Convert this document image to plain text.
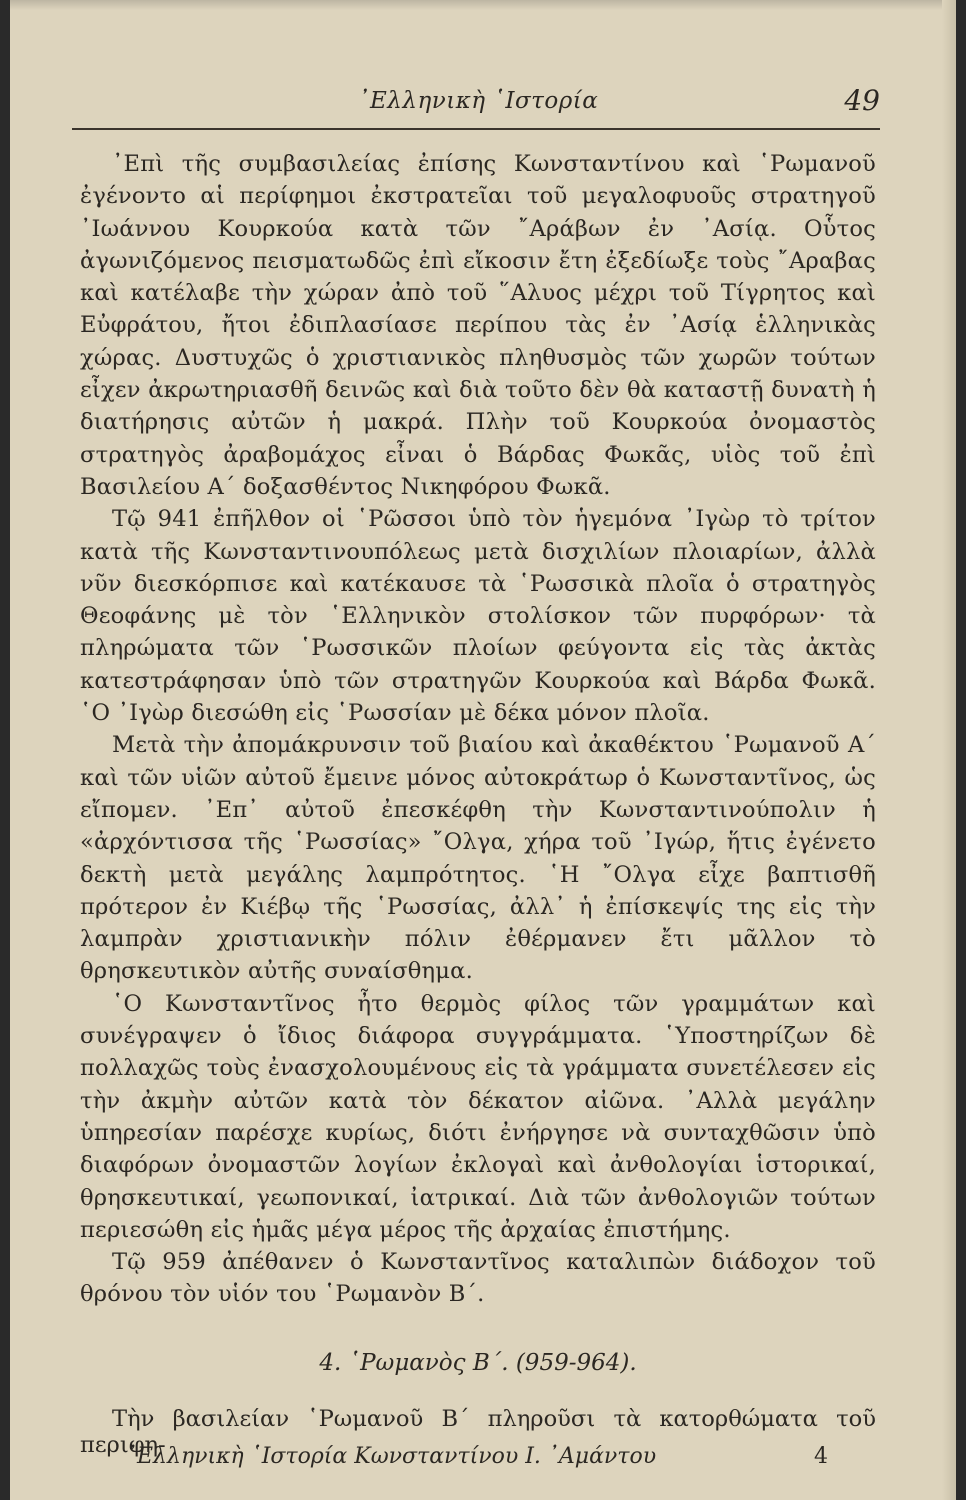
᾿Ελληνικὴ ῾Ιστορία	49

᾿Επὶ τῆς συμβασιλείας ἐπίσης Κωνσταντίνου καὶ ῾Ρωμανοῦ ἐγένοντο αἱ περίφημοι ἐκστρατεῖαι τοῦ μεγαλοφυοῦς στρατηγοῦ ᾿Ιωάννου Κουρκούα κατὰ τῶν ῎Αράβων ἐν ᾿Ασίᾳ. Οὗτος ἀγωνιζόμενος πεισματωδῶς ἐπὶ εἴκοσιν ἔτη ἐξεδίωξε τοὺς ῎Αραβας καὶ κατέλαβε τὴν χώραν ἀπὸ τοῦ ῞Αλυος μέχρι τοῦ Τίγρητος καὶ Εὐφράτου, ἤτοι ἐδιπλασίασε περίπου τὰς ἐν ᾿Ασίᾳ ἑλληνικὰς χώρας. Δυστυχῶς ὁ χριστιανικὸς πληθυσμὸς τῶν χωρῶν τούτων εἶχεν ἀκρωτηριασθῆ δεινῶς καὶ διὰ τοῦτο δὲν θὰ καταστῇ δυνατὴ ἡ διατήρησις αὐτῶν ἡ μακρά. Πλὴν τοῦ Κουρκούα ὀνομαστὸς στρατηγὸς ἀραβομάχος εἶναι ὁ Βάρδας Φωκᾶς, υἱὸς τοῦ ἐπὶ Βασιλείου Α΄ δοξασθέντος Νικηφόρου Φωκᾶ.

Τῷ 941 ἐπῆλθον οἱ ῾Ρῶσσοι ὑπὸ τὸν ἡγεμόνα ᾿Ιγὼρ τὸ τρίτον κατὰ τῆς Κωνσταντινουπόλεως μετὰ δισχιλίων πλοιαρίων, ἀλλὰ νῦν διεσκόρπισε καὶ κατέκαυσε τὰ ῾Ρωσσικὰ πλοῖα ὁ στρατηγὸς Θεοφάνης μὲ τὸν ῾Ελληνικὸν στολίσκον τῶν πυρφόρων· τὰ πληρώματα τῶν ῾Ρωσσικῶν πλοίων φεύγοντα εἰς τὰς ἀκτὰς κατεστράφησαν ὑπὸ τῶν στρατηγῶν Κουρκούα καὶ Βάρδα Φωκᾶ. ῾Ο ᾿Ιγὼρ διεσώθη εἰς ῾Ρωσσίαν μὲ δέκα μόνον πλοῖα.

Μετὰ τὴν ἀπομάκρυνσιν τοῦ βιαίου καὶ ἀκαθέκτου ῾Ρωμανοῦ Α΄ καὶ τῶν υἱῶν αὐτοῦ ἔμεινε μόνος αὐτοκράτωρ ὁ Κωνσταντῖνος, ὡς εἴπομεν. ᾿Επ᾿ αὐτοῦ ἐπεσκέφθη τὴν Κωνσταντινούπολιν ἡ «ἀρχόντισσα τῆς ῾Ρωσσίας» ῎Ολγα, χήρα τοῦ ᾿Ιγώρ, ἥτις ἐγένετο δεκτὴ μετὰ μεγάλης λαμπρότητος. ῾Η ῎Ολγα εἶχε βαπτισθῆ πρότερον ἐν Κιέβῳ τῆς ῾Ρωσσίας, ἀλλ᾿ ἡ ἐπίσκεψίς της εἰς τὴν λαμπρὰν χριστιανικὴν πόλιν ἐθέρμανεν ἔτι μᾶλλον τὸ θρησκευτικὸν αὐτῆς συναίσθημα.

῾Ο Κωνσταντῖνος ἦτο θερμὸς φίλος τῶν γραμμάτων καὶ συνέγραψεν ὁ ἴδιος διάφορα συγγράμματα. ῾Υποστηρίζων δὲ πολλαχῶς τοὺς ἐνασχολουμένους εἰς τὰ γράμματα συνετέλεσεν εἰς τὴν ἀκμὴν αὐτῶν κατὰ τὸν δέκατον αἰῶνα. ᾿Αλλὰ μεγάλην ὑπηρεσίαν παρέσχε κυρίως, διότι ἐνήργησε νὰ συνταχθῶσιν ὑπὸ διαφόρων ὀνομαστῶν λογίων ἐκλογαὶ καὶ ἀνθολογίαι ἱστορικαί, θρησκευτικαί, γεωπονικαί, ἰατρικαί. Διὰ τῶν ἀνθολογιῶν τούτων περιεσώθη εἰς ἡμᾶς μέγα μέρος τῆς ἀρχαίας ἐπιστήμης.

Τῷ 959 ἀπέθανεν ὁ Κωνσταντῖνος καταλιπὼν διάδοχον τοῦ θρόνου τὸν υἱόν του ῾Ρωμανὸν Β΄.

4. ῾Ρωμανὸς Β΄. (959-964).
Τὴν βασιλείαν ῾Ρωμανοῦ Β΄ πληροῦσι τὰ κατορθώματα τοῦ περιφη-
᾿Ελληνικὴ ῾Ιστορία Κωνσταντίνου Ι. ᾿Αμάντου	4
